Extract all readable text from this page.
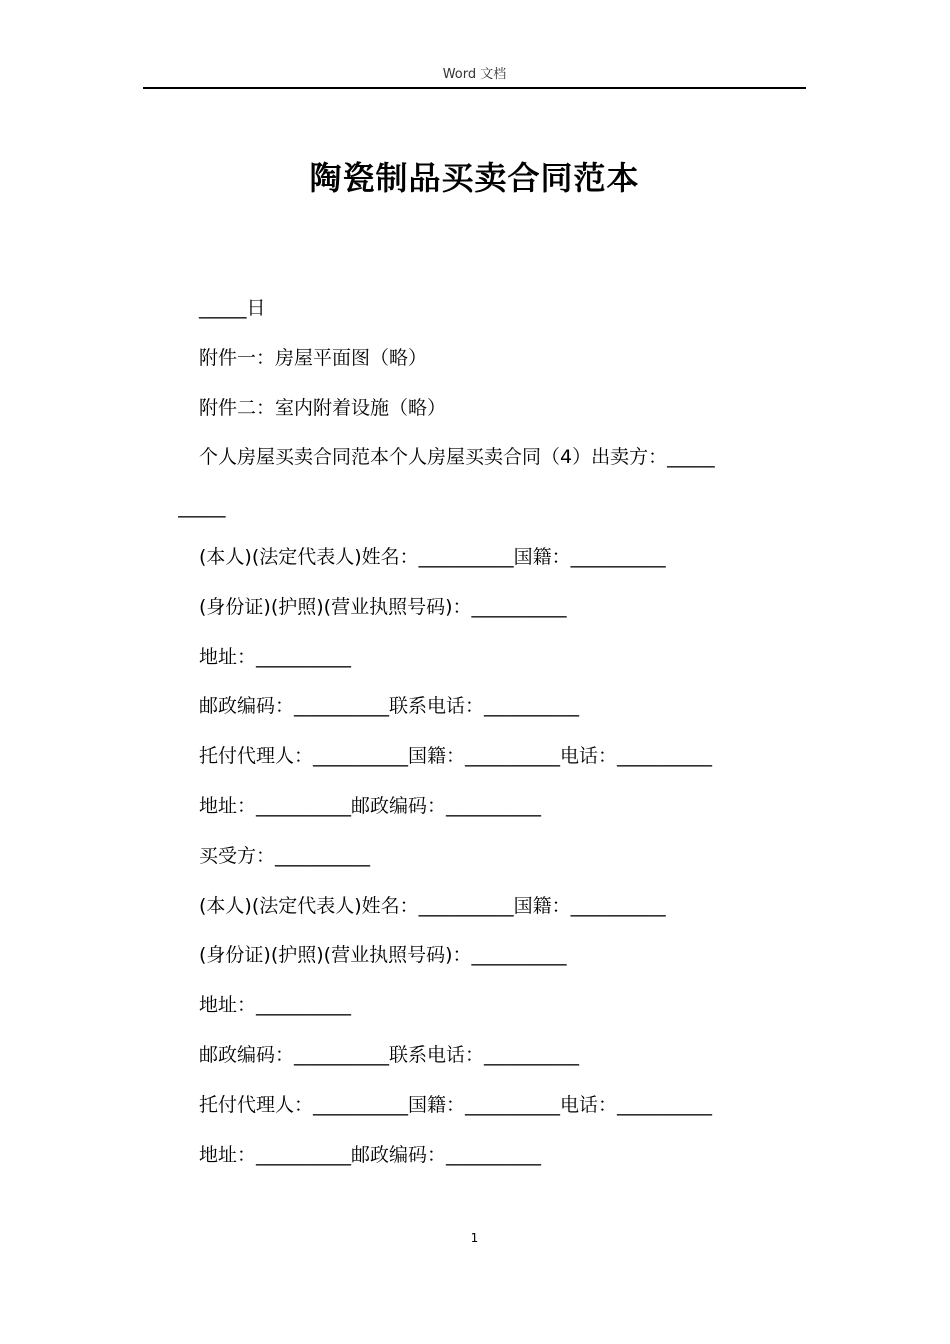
Word 文档
陶瓷制品买卖合同范本
_____日
附件一：房屋平面图（略）
附件二：室内附着设施（略）
个人房屋买卖合同范本个人房屋买卖合同（4）出卖方：_____
_____
(本人)(法定代表人)姓名：__________国籍：__________
(身份证)(护照)(营业执照号码)：__________
地址：__________
邮政编码：__________联系电话：__________
托付代理人：__________国籍：__________电话：__________
地址：__________邮政编码：__________
买受方：__________
(本人)(法定代表人)姓名：__________国籍：__________
(身份证)(护照)(营业执照号码)：__________
地址：__________
邮政编码：__________联系电话：__________
托付代理人：__________国籍：__________电话：__________
地址：__________邮政编码：__________
1
